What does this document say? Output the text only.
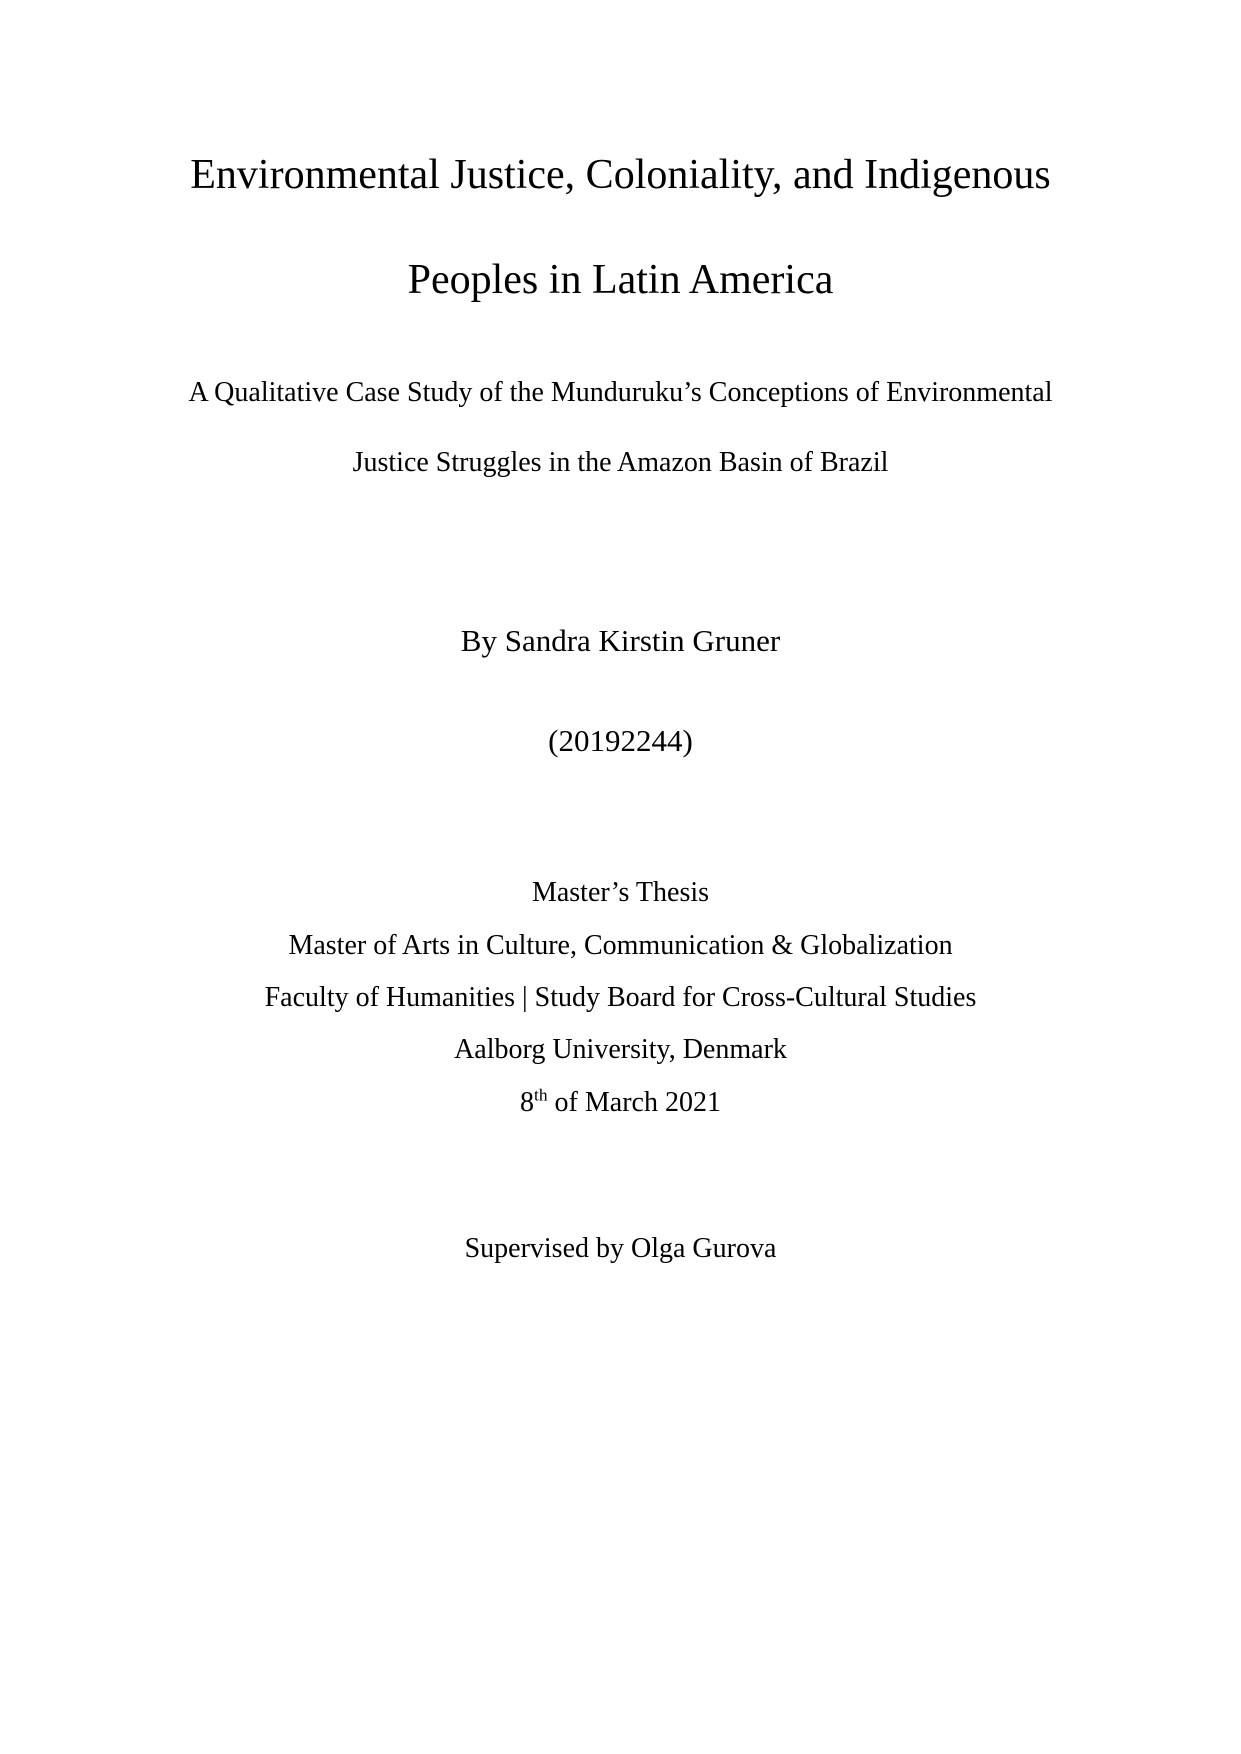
Environmental Justice, Coloniality, and Indigenous
Peoples in Latin America
A Qualitative Case Study of the Munduruku’s Conceptions of Environmental
Justice Struggles in the Amazon Basin of Brazil
By Sandra Kirstin Gruner
(20192244)
Master’s Thesis
Master of Arts in Culture, Communication & Globalization
Faculty of Humanities | Study Board for Cross-Cultural Studies
Aalborg University, Denmark
8th of March 2021
Supervised by Olga Gurova
